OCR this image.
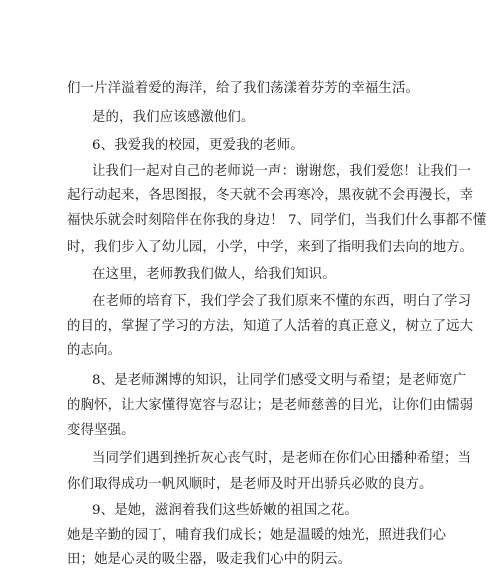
们一片洋溢着爱的海洋，给了我们荡漾着芬芳的幸福生活。
是的，我们应该感激他们。
6、我爱我的校园，更爱我的老师。
让我们一起对自己的老师说一声：谢谢您，我们爱您！让我们一
起行动起来，各思图报，冬天就不会再寒冷，黑夜就不会再漫长，幸
福快乐就会时刻陪伴在你我的身边！ 7、同学们，当我们什么事都不懂
时，我们步入了幼儿园，小学，中学，来到了指明我们去向的地方。
在这里，老师教我们做人，给我们知识。
在老师的培育下，我们学会了我们原来不懂的东西，明白了学习
的目的，掌握了学习的方法，知道了人活着的真正意义，树立了远大
的志向。
8、是老师渊博的知识，让同学们感受文明与希望；是老师宽广
的胸怀，让大家懂得宽容与忍让；是老师慈善的目光，让你们由懦弱
变得坚强。
当同学们遇到挫折灰心丧气时，是老师在你们心田播种希望；当
你们取得成功一帆风顺时，是老师及时开出骄兵必败的良方。
9、是她，滋润着我们这些娇嫩的祖国之花。
她是辛勤的园丁，哺育我们成长；她是温暖的烛光，照进我们心
田；她是心灵的吸尘器，吸走我们心中的阴云。
